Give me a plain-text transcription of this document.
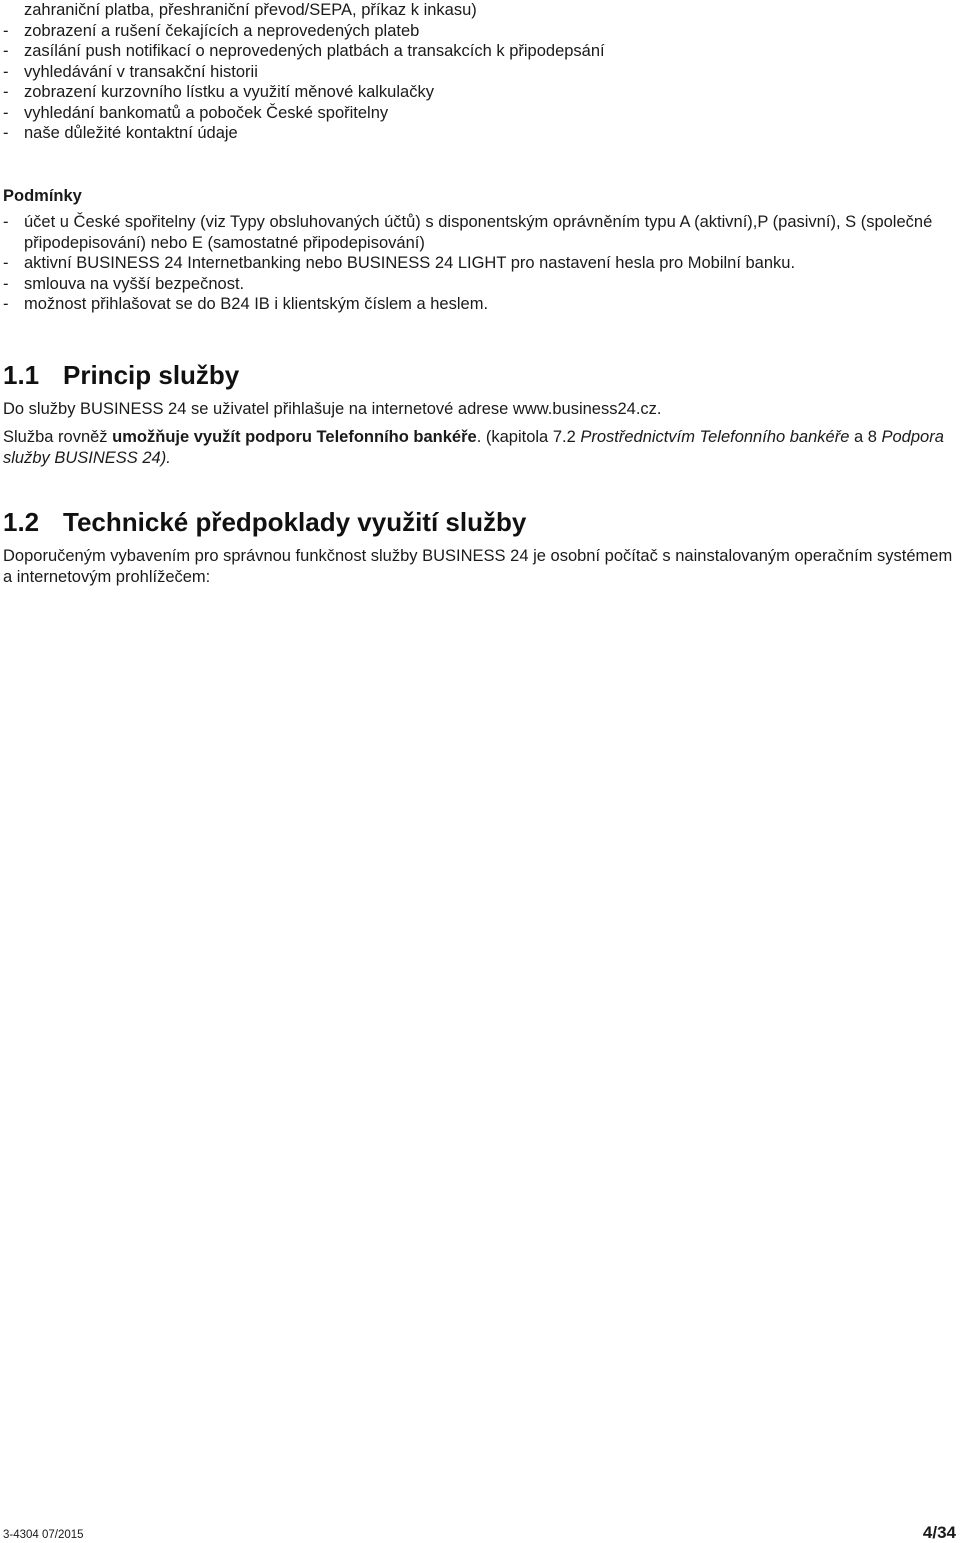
zahraniční platba, přeshraniční převod/SEPA, příkaz k inkasu)
- zobrazení a rušení čekajících a neprovedených plateb
- zasílání push notifikací o neprovedených platbách a transakcích k připodepsání
- vyhledávání v transakční historii
- zobrazení kurzovního lístku a využití měnové kalkulačky
- vyhledání bankomatů a poboček České spořitelny
- naše důležité kontaktní údaje
Podmínky
- účet u České spořitelny (viz Typy obsluhovaných účtů) s disponentským oprávněním typu A (aktivní),P (pasivní), S (společné připodepisování) nebo E (samostatné připodepisování)
- aktivní BUSINESS 24 Internetbanking nebo BUSINESS 24 LIGHT pro nastavení hesla pro Mobilní banku.
- smlouva na vyšší bezpečnost.
- možnost přihlašovat se do B24 IB i klientským číslem a heslem.
1.1 Princip služby

Do služby BUSINESS 24 se uživatel přihlašuje na internetové adrese www.business24.cz.

Služba rovněž umožňuje využít podporu Telefonního bankéře. (kapitola 7.2 Prostřednictvím Telefonního bankéře a 8 Podpora služby BUSINESS 24).

1.2 Technické předpoklady využití služby

Doporučeným vybavením pro správnou funkčnost služby BUSINESS 24 je osobní počítač s nainstalovaným operačním systémem a internetovým prohlížečem:

3-4304 07/2015	4/34
